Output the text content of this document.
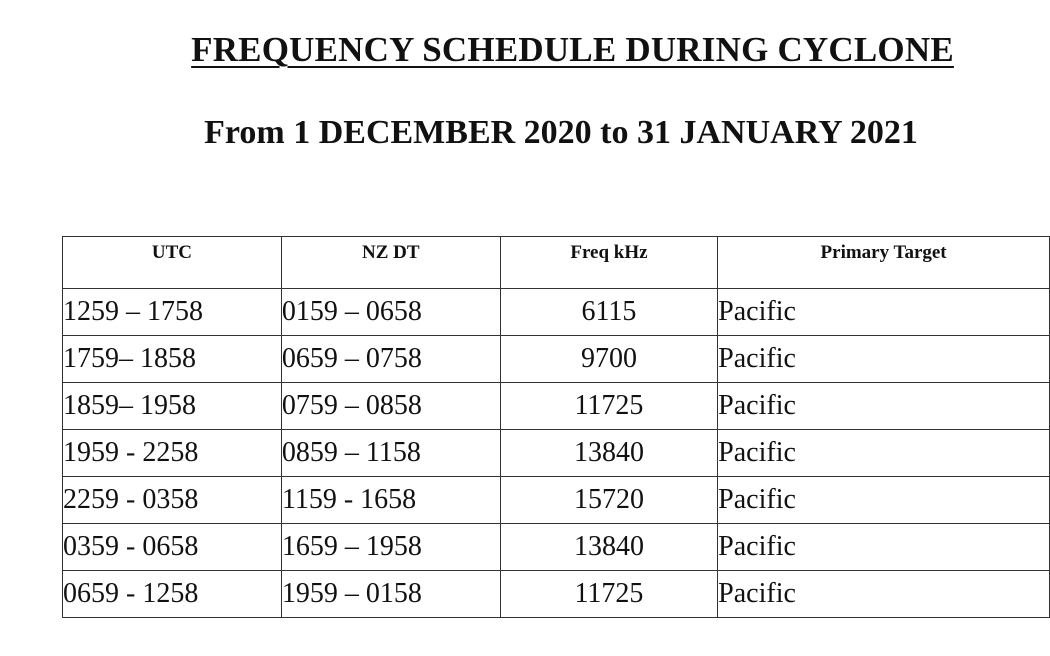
FREQUENCY SCHEDULE DURING CYCLONE
From 1 DECEMBER 2020 to 31 JANUARY 2021
UTC	NZ DT	Freq kHz	Primary Target
1259 – 1758	0159 – 0658	6115	Pacific
1759– 1858	0659 – 0758	9700	Pacific
1859– 1958	0759 – 0858	11725	Pacific
1959 - 2258	0859 – 1158	13840	Pacific
2259 - 0358	1159 - 1658	15720	Pacific
0359 - 0658	1659 – 1958	13840	Pacific
0659 - 1258	1959 – 0158	11725	Pacific
